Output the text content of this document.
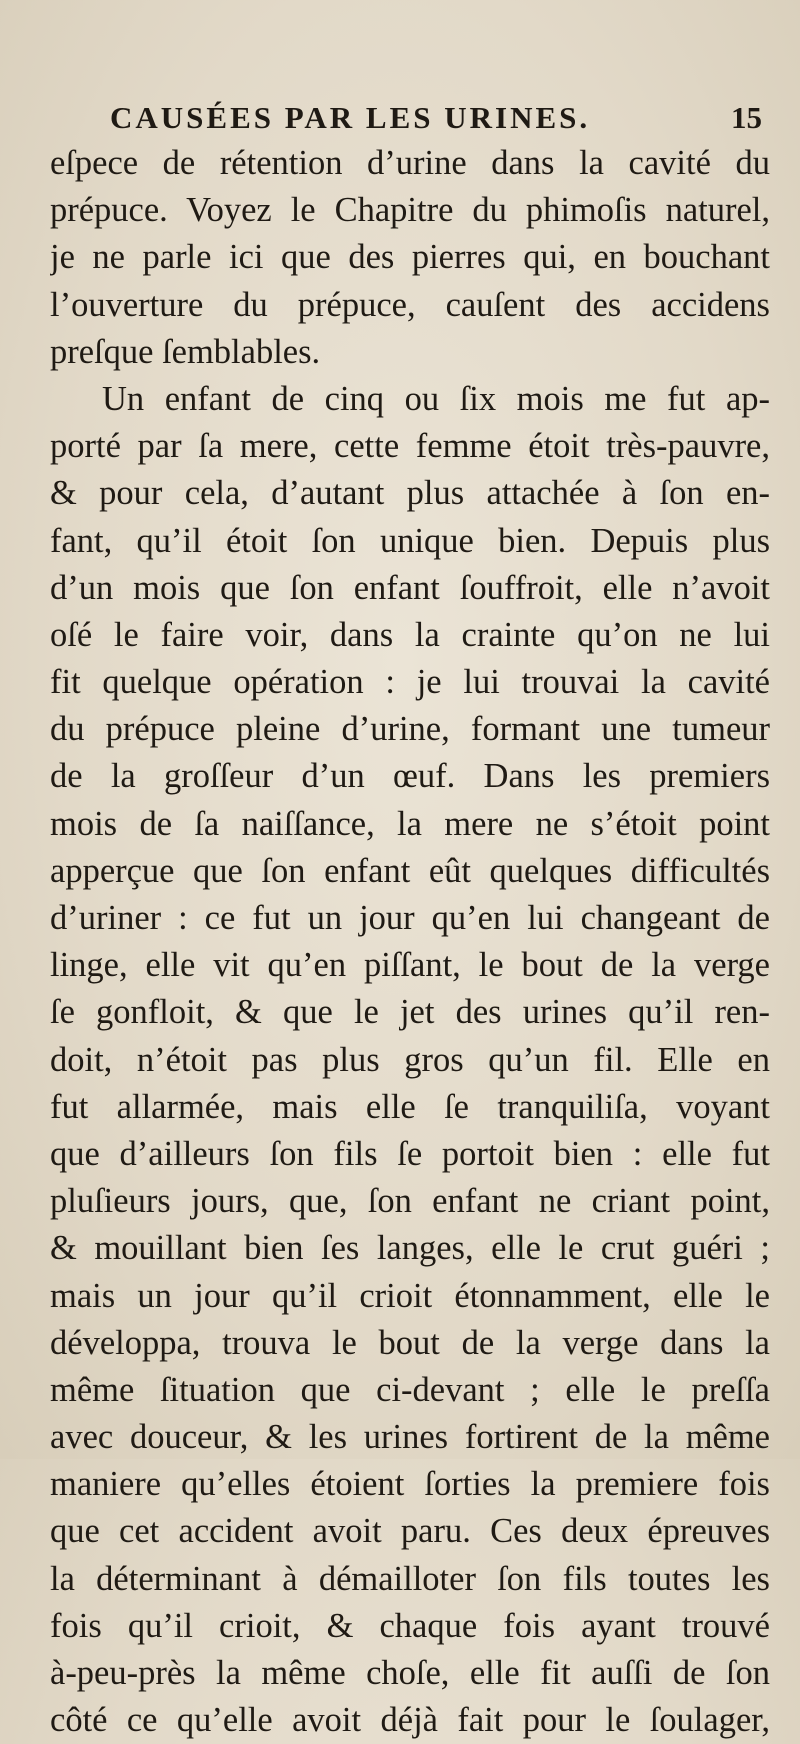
CAUSÉES PAR LES URINES.	15
eſpece de rétention d’urine dans la cavité du
prépuce. Voyez le Chapitre du phimoſis naturel,
je ne parle ici que des pierres qui, en bouchant
l’ouverture du prépuce, cauſent des accidens
preſque ſemblables.
Un enfant de cinq ou ſix mois me fut ap-
porté par ſa mere, cette femme étoit très-pauvre,
& pour cela, d’autant plus attachée à ſon en-
fant, qu’il étoit ſon unique bien. Depuis plus
d’un mois que ſon enfant ſouffroit, elle n’avoit
oſé le faire voir, dans la crainte qu’on ne lui
fit quelque opération : je lui trouvai la cavité
du prépuce pleine d’urine, formant une tumeur
de la groſſeur d’un œuf. Dans les premiers
mois de ſa naiſſance, la mere ne s’étoit point
apperçue que ſon enfant eût quelques difficultés
d’uriner : ce fut un jour qu’en lui changeant de
linge, elle vit qu’en piſſant, le bout de la verge
ſe gonfloit, & que le jet des urines qu’il ren-
doit, n’étoit pas plus gros qu’un fil. Elle en
fut allarmée, mais elle ſe tranquiliſa, voyant
que d’ailleurs ſon fils ſe portoit bien : elle fut
pluſieurs jours, que, ſon enfant ne criant point,
& mouillant bien ſes langes, elle le crut guéri ;
mais un jour qu’il crioit étonnamment, elle le
développa, trouva le bout de la verge dans la
même ſituation que ci-devant ; elle le preſſa
avec douceur, & les urines fortirent de la même
maniere qu’elles étoient ſorties la premiere fois
que cet accident avoit paru. Ces deux épreuves
la déterminant à démailloter ſon fils toutes les
fois qu’il crioit, & chaque fois ayant trouvé
à-peu-près la même choſe, elle fit auſſi de ſon
côté ce qu’elle avoit déjà fait pour le ſoulager,
